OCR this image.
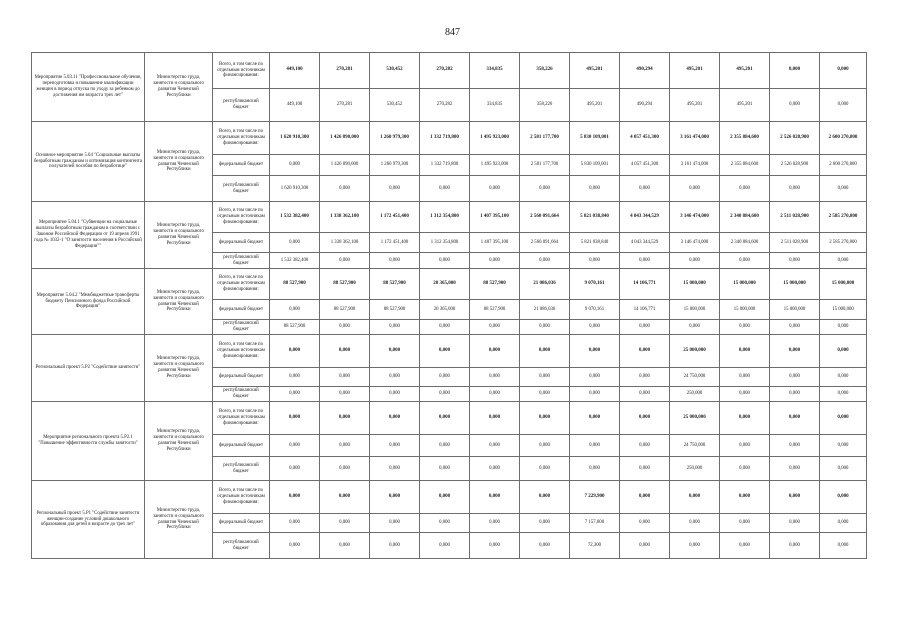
847
Мероприятие 5.03.11 "Профессиональное обучение, переподготовка и повышение квалификации женщин в период отпуска по уходу за ребенком до достижения им возраста трех лет"	Министерство труда, занятости и социального развития Чеченской Республики	Всего, в том числе по отдельным источникам финансирования:	449,100	270,281	530,452	270,282	334,835	358,226	495,201	490,294	495,201	495,201	0,000	0,000
		республиканский бюджет	449,100	270,281	530,452	270,282	334,835	358,226	495,201	490,294	495,201	495,201	0,000	0,000
Основное мероприятие 5.04 "Социальные выплаты безработным гражданам и оптимизация контингента получателей пособия по безработице"	Министерство труда, занятости и социального развития Чеченской Республики	Всего, в том числе по отдельным источникам финансирования:	1 620 910,300	1 426 890,000	1 260 979,300	1 332 719,800	1 495 923,000	2 581 177,700	5 830 109,001	4 057 451,300	3 161 474,000	2 355 884,600	2 526 028,900	2 600 270,800
		федеральный бюджет	0,000	1 426 890,000	1 260 979,300	1 332 719,800	1 495 923,000	2 581 177,700	5 830 109,001	4 057 451,300	3 161 474,000	2 355 884,600	2 526 028,900	2 600 270,800
		республиканский бюджет	1 620 910,300	0,000	0,000	0,000	0,000	0,000	0,000	0,000	0,000	0,000	0,000	0,000
Мероприятие 5.04.1 "Субвенции на социальные выплаты безработным гражданам в соответствии с Законом Российской Федерации от 19 апреля 1991 года № 1032-1 "О занятости населения в Российской Федерации""	Министерство труда, занятости и социального развития Чеченской Республики	Всего, в том числе по отдельным источникам финансирования:	1 532 382,400	1 338 362,100	1 172 451,400	1 312 354,800	1 407 395,100	2 560 091,664	5 821 038,840	4 043 344,529	3 146 474,000	2 340 884,600	2 511 028,900	2 585 270,800
		федеральный бюджет	0,000	1 338 362,100	1 172 451,400	1 312 354,800	1 407 395,100	2 560 091,664	5 821 038,840	4 043 344,529	3 146 474,000	2 340 884,600	2 511 028,900	2 585 270,800
		республиканский бюджет	1 532 382,400	0,000	0,000	0,000	0,000	0,000	0,000	0,000	0,000	0,000	0,000	0,000
Мероприятие 5.04.2 "Межбюджетные трансферты бюджету Пенсионного фонда Российской Федерации"	Министерство труда, занятости и социального развития Чеченской Республики	Всего, в том числе по отдельным источникам финансирования:	88 527,900	88 527,900	88 527,900	20 365,000	88 527,900	21 086,036	9 070,161	14 106,771	15 000,000	15 000,000	15 000,000	15 000,000
		федеральный бюджет	0,000	88 527,900	88 527,900	20 365,000	88 527,900	21 086,036	9 070,161	14 106,771	15 000,000	15 000,000	15 000,000	15 000,000
		республиканский бюджет	88 527,900	0,000	0,000	0,000	0,000	0,000	0,000	0,000	0,000	0,000	0,000	0,000
Региональный проект 5.P2 "Содействие занятости"	Министерство труда, занятости и социального развития Чеченской Республики	Всего, в том числе по отдельным источникам финансирования:	0,000	0,000	0,000	0,000	0,000	0,000	0,000	0,000	25 000,000	0,000	0,000	0,000
		федеральный бюджет	0,000	0,000	0,000	0,000	0,000	0,000	0,000	0,000	24 750,000	0,000	0,000	0,000
		республиканский бюджет	0,000	0,000	0,000	0,000	0,000	0,000	0,000	0,000	250,000	0,000	0,000	0,000
Мероприятие регионального проекта 5.P2.1 "Повышение эффективности службы занятости"	Министерство труда, занятости и социального развития Чеченской Республики	Всего, в том числе по отдельным источникам финансирования:	0,000	0,000	0,000	0,000	0,000	0,000	0,000	0,000	25 000,000	0,000	0,000	0,000
		федеральный бюджет	0,000	0,000	0,000	0,000	0,000	0,000	0,000	0,000	24 750,000	0,000	0,000	0,000
		республиканский бюджет	0,000	0,000	0,000	0,000	0,000	0,000	0,000	0,000	250,000	0,000	0,000	0,000
Региональный проект 5.Р1 "Содействие занятости женщин-создание условий дошкольного образования для детей в возрасте до трех лет"	Министерство труда, занятости и социального развития Чеченской Республики	Всего, в том числе по отдельным источникам финансирования:	0,000	0,000	0,000	0,000	0,000	0,000	7 229,900	0,000	0,000	0,000	0,000	0,000
		федеральный бюджет	0,000	0,000	0,000	0,000	0,000	0,000	7 157,600	0,000	0,000	0,000	0,000	0,000
		республиканский бюджет	0,000	0,000	0,000	0,000	0,000	0,000	72,300	0,000	0,000	0,000	0,000	0,000
